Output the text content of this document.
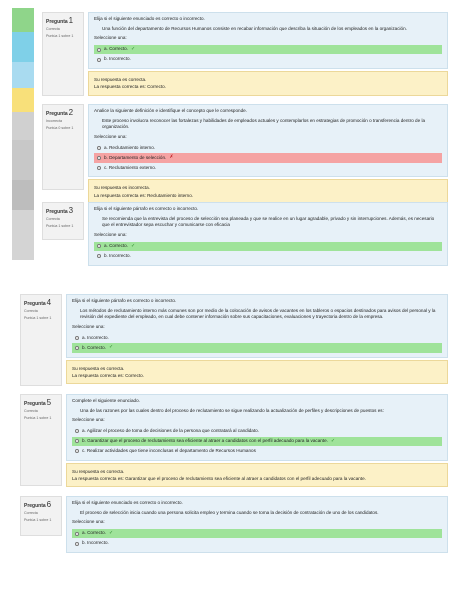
Pregunta1
Correcta
Puntúa 1 sobre 1

Elija si el siguiente enunciado es correcto o incorrecto.

Una función del departamento de Recursos Humanos consiste en recabar información que describa la situación de los empleados en la organización.

Seleccione una:

a. Correcto. ✓
b. Incorrecto.

Su respuesta es correcta.

La respuesta correcta es: Correcto.

Pregunta2
Incorrecta
Puntúa 0 sobre 1

Analice la siguiente definición e identifique el concepto que le corresponde.

Este proceso involucra reconocer las fortalezas y habilidades de empleados actuales y contemplarlos en estrategias de promoción o transferencia dentro de la organización.

Seleccione una:

a. Reclutamiento interno.
b. Departamento de selección. ✗
c. Reclutamiento externo.

Su respuesta es incorrecta.

La respuesta correcta es: Reclutamiento interno.

Pregunta3
Correcta
Puntúa 1 sobre 1

Elija si el siguiente párrafo es correcto o incorrecto.

Se recomienda que la entrevista del proceso de selección sea planeada y que se realice en un lugar agradable, privado y sin interrupciones. Además, es necesario que el entrevistador sepa escuchar y comunicarse con eficacia

Seleccione una:

a. Correcto. ✓
b. Incorrecto.
Pregunta4
Correcta
Puntúa 1 sobre 1

Elija si el siguiente párrafo es correcto o incorrecto.

Los métodos de reclutamiento interno más comunes son por medio de la colocación de avisos de vacantes en los tableros o espacios destinados para avisos del personal y la revisión del expediente del empleado, en cual debe contener información sobre sus capacitaciones, evaluaciones y trayectoria dentro de la empresa.

Seleccione una:

a. Incorrecto.
b. Correcto. ✓

Su respuesta es correcta.

La respuesta correcta es: Correcto.

Pregunta5
Correcta
Puntúa 1 sobre 1

Complete el siguiente enunciado.

Una de las razones por las cuales dentro del proceso de reclutamiento se sigue realizando la actualización de perfiles y descripciones de puestos es:

Seleccione una:

a. Agilizar el proceso de toma de decisiones de la persona que contratará al candidato.
b. Garantizar que el proceso de reclutamiento sea eficiente al atraer a candidatos con el perfil adecuado para la vacante. ✓
c. Realizar actividades que tiene inconclusas el departamento de Recursos Humanos

Su respuesta es correcta.

La respuesta correcta es: Garantizar que el proceso de reclutamiento sea eficiente al atraer a candidatos con el perfil adecuado para la vacante.

Pregunta6
Correcta
Puntúa 1 sobre 1

Elija si el siguiente enunciado es correcto o incorrecto.

El proceso de selección inicia cuando una persona solicita empleo y termina cuando se toma la decisión de contratación de uno de los candidatos.

Seleccione una:

a. Correcto. ✓
b. Incorrecto.
